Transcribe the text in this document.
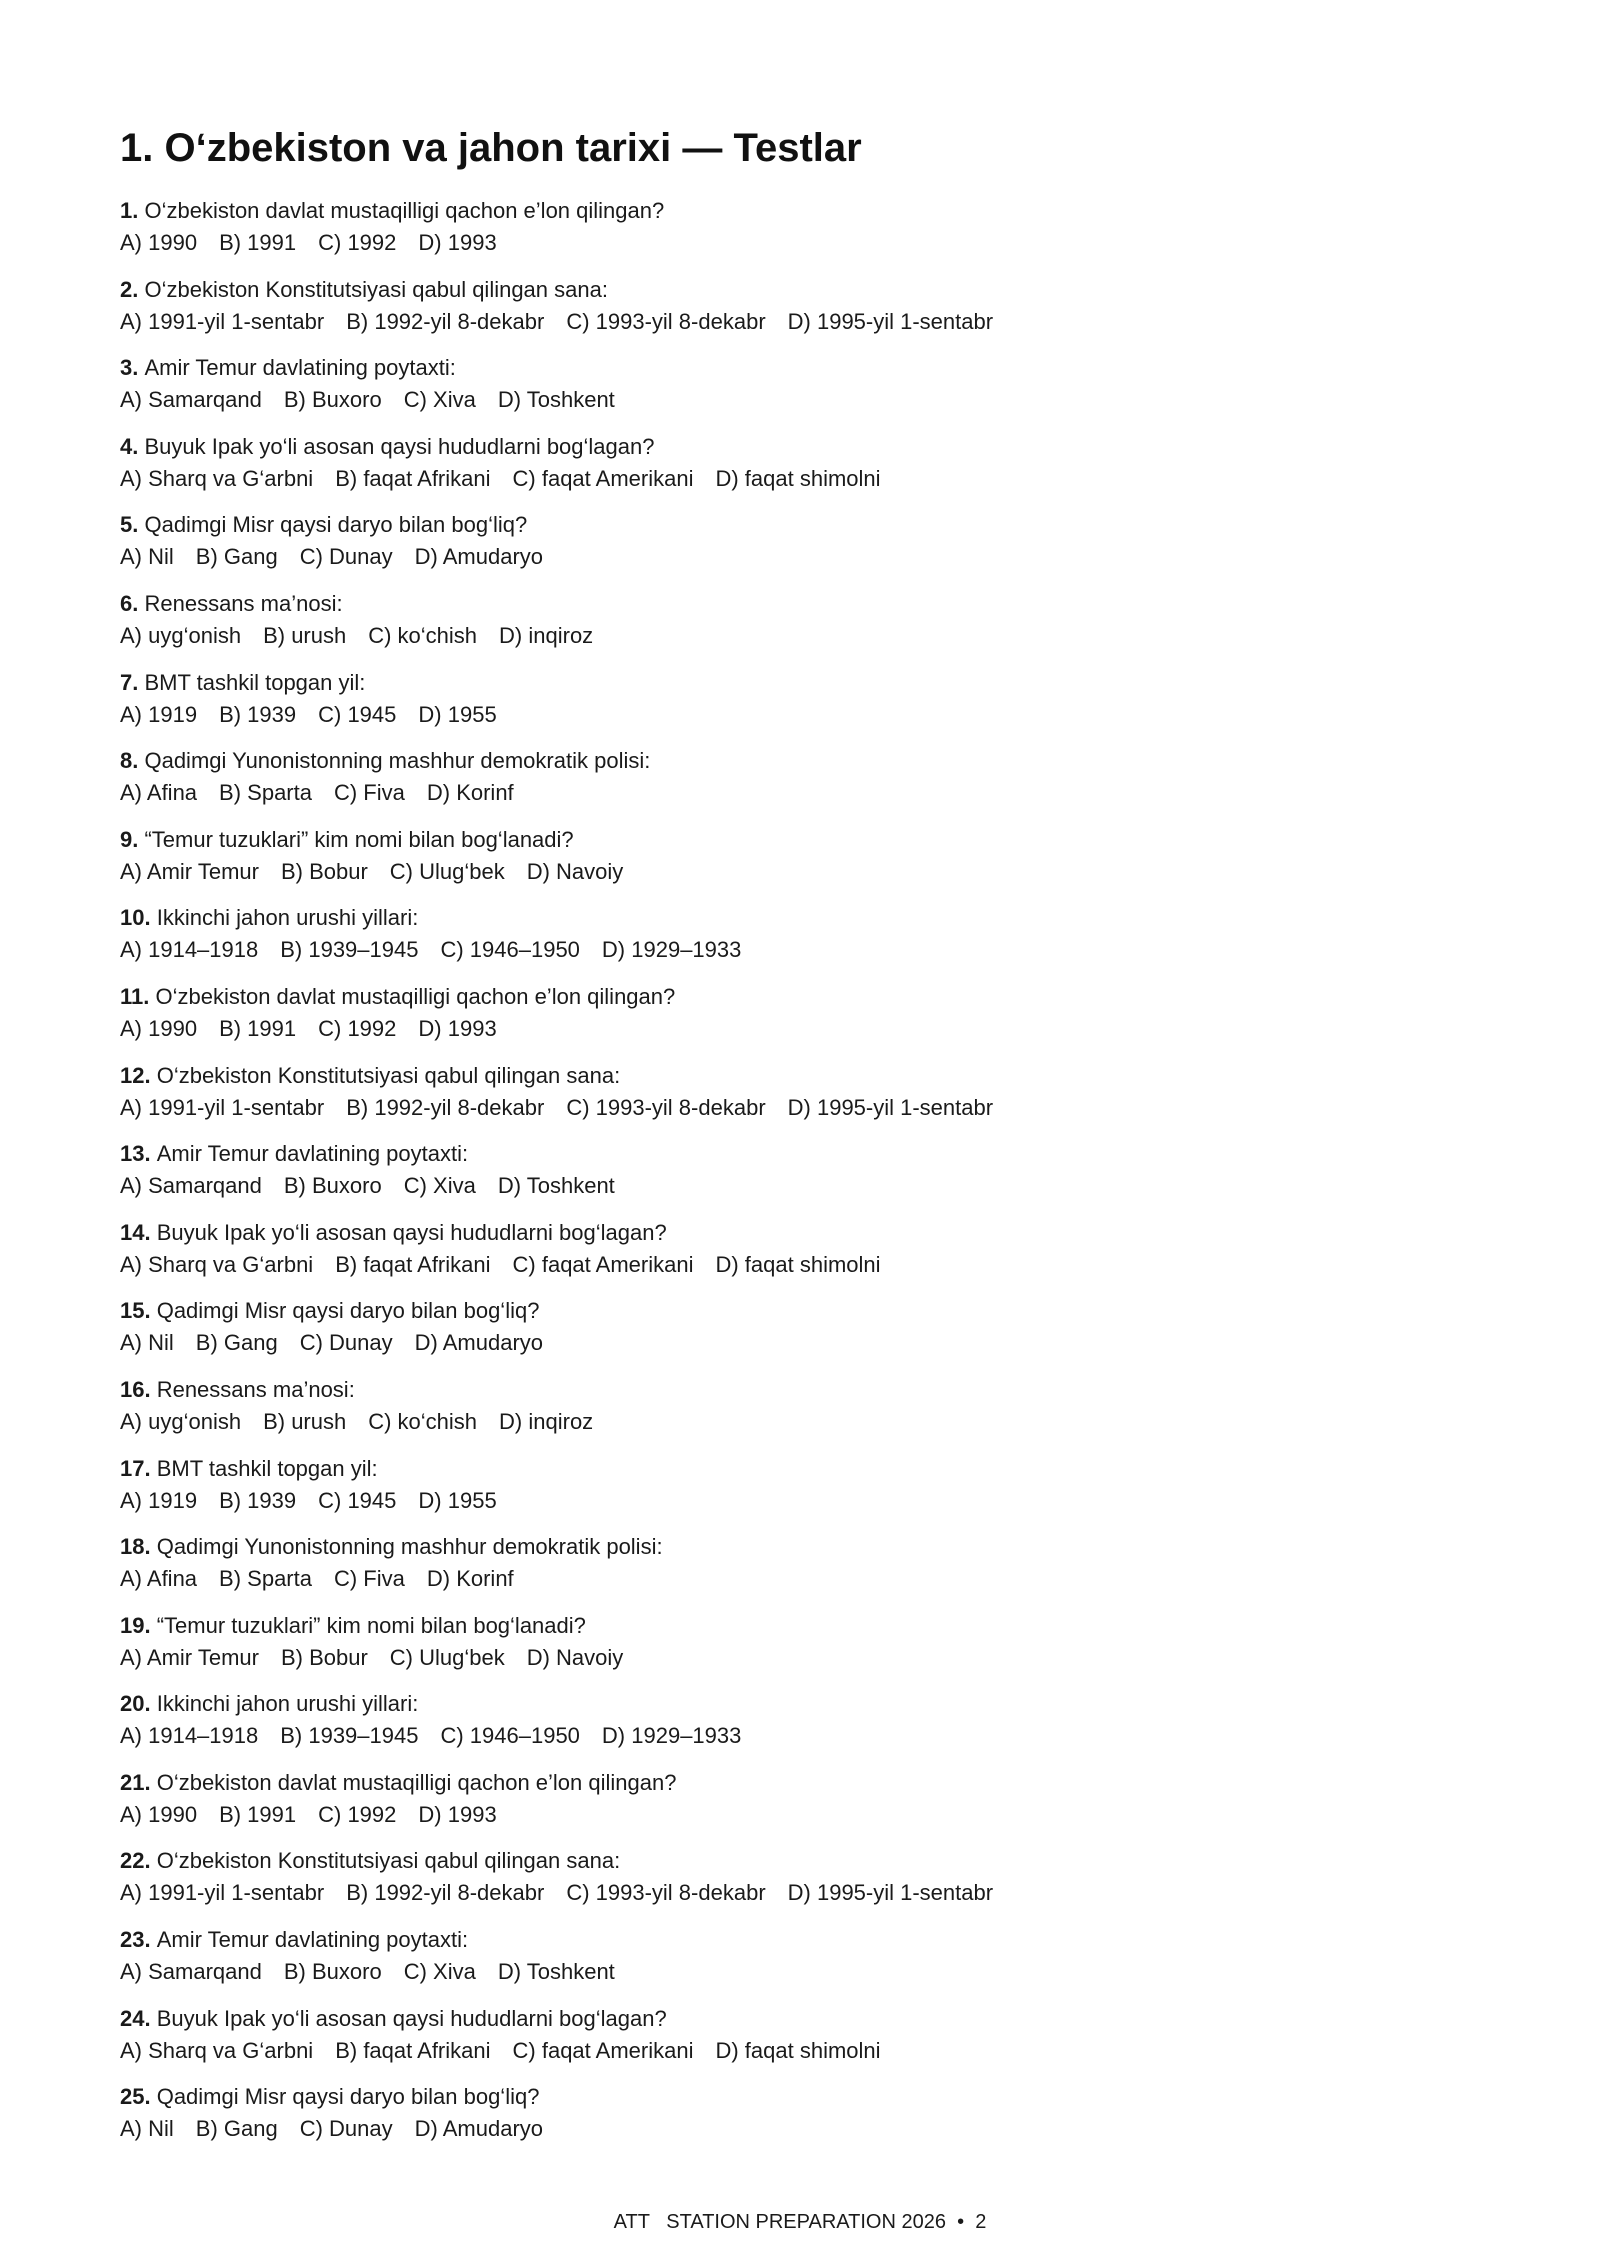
1. O‘zbekiston va jahon tarixi — Testlar
1. O‘zbekiston davlat mustaqilligi qachon e’lon qilingan?
A) 1990 B) 1991 C) 1992 D) 1993
2. O‘zbekiston Konstitutsiyasi qabul qilingan sana:
A) 1991-yil 1-sentabr B) 1992-yil 8-dekabr C) 1993-yil 8-dekabr D) 1995-yil 1-sentabr
3. Amir Temur davlatining poytaxti:
A) Samarqand B) Buxoro C) Xiva D) Toshkent
4. Buyuk Ipak yo‘li asosan qaysi hududlarni bog‘lagan?
A) Sharq va G‘arbni B) faqat Afrikani C) faqat Amerikani D) faqat shimolni
5. Qadimgi Misr qaysi daryo bilan bog‘liq?
A) Nil B) Gang C) Dunay D) Amudaryo
6. Renessans ma’nosi:
A) uyg‘onish B) urush C) ko‘chish D) inqiroz
7. BMT tashkil topgan yil:
A) 1919 B) 1939 C) 1945 D) 1955
8. Qadimgi Yunonistonning mashhur demokratik polisi:
A) Afina B) Sparta C) Fiva D) Korinf
9. “Temur tuzuklari” kim nomi bilan bog‘lanadi?
A) Amir Temur B) Bobur C) Ulug‘bek D) Navoiy
10. Ikkinchi jahon urushi yillari:
A) 1914–1918 B) 1939–1945 C) 1946–1950 D) 1929–1933
11. O‘zbekiston davlat mustaqilligi qachon e’lon qilingan?
A) 1990 B) 1991 C) 1992 D) 1993
12. O‘zbekiston Konstitutsiyasi qabul qilingan sana:
A) 1991-yil 1-sentabr B) 1992-yil 8-dekabr C) 1993-yil 8-dekabr D) 1995-yil 1-sentabr
13. Amir Temur davlatining poytaxti:
A) Samarqand B) Buxoro C) Xiva D) Toshkent
14. Buyuk Ipak yo‘li asosan qaysi hududlarni bog‘lagan?
A) Sharq va G‘arbni B) faqat Afrikani C) faqat Amerikani D) faqat shimolni
15. Qadimgi Misr qaysi daryo bilan bog‘liq?
A) Nil B) Gang C) Dunay D) Amudaryo
16. Renessans ma’nosi:
A) uyg‘onish B) urush C) ko‘chish D) inqiroz
17. BMT tashkil topgan yil:
A) 1919 B) 1939 C) 1945 D) 1955
18. Qadimgi Yunonistonning mashhur demokratik polisi:
A) Afina B) Sparta C) Fiva D) Korinf
19. “Temur tuzuklari” kim nomi bilan bog‘lanadi?
A) Amir Temur B) Bobur C) Ulug‘bek D) Navoiy
20. Ikkinchi jahon urushi yillari:
A) 1914–1918 B) 1939–1945 C) 1946–1950 D) 1929–1933
21. O‘zbekiston davlat mustaqilligi qachon e’lon qilingan?
A) 1990 B) 1991 C) 1992 D) 1993
22. O‘zbekiston Konstitutsiyasi qabul qilingan sana:
A) 1991-yil 1-sentabr B) 1992-yil 8-dekabr C) 1993-yil 8-dekabr D) 1995-yil 1-sentabr
23. Amir Temur davlatining poytaxti:
A) Samarqand B) Buxoro C) Xiva D) Toshkent
24. Buyuk Ipak yo‘li asosan qaysi hududlarni bog‘lagan?
A) Sharq va G‘arbni B) faqat Afrikani C) faqat Amerikani D) faqat shimolni
25. Qadimgi Misr qaysi daryo bilan bog‘liq?
A) Nil B) Gang C) Dunay D) Amudaryo
ATT   STATION PREPARATION 2026  •  2
